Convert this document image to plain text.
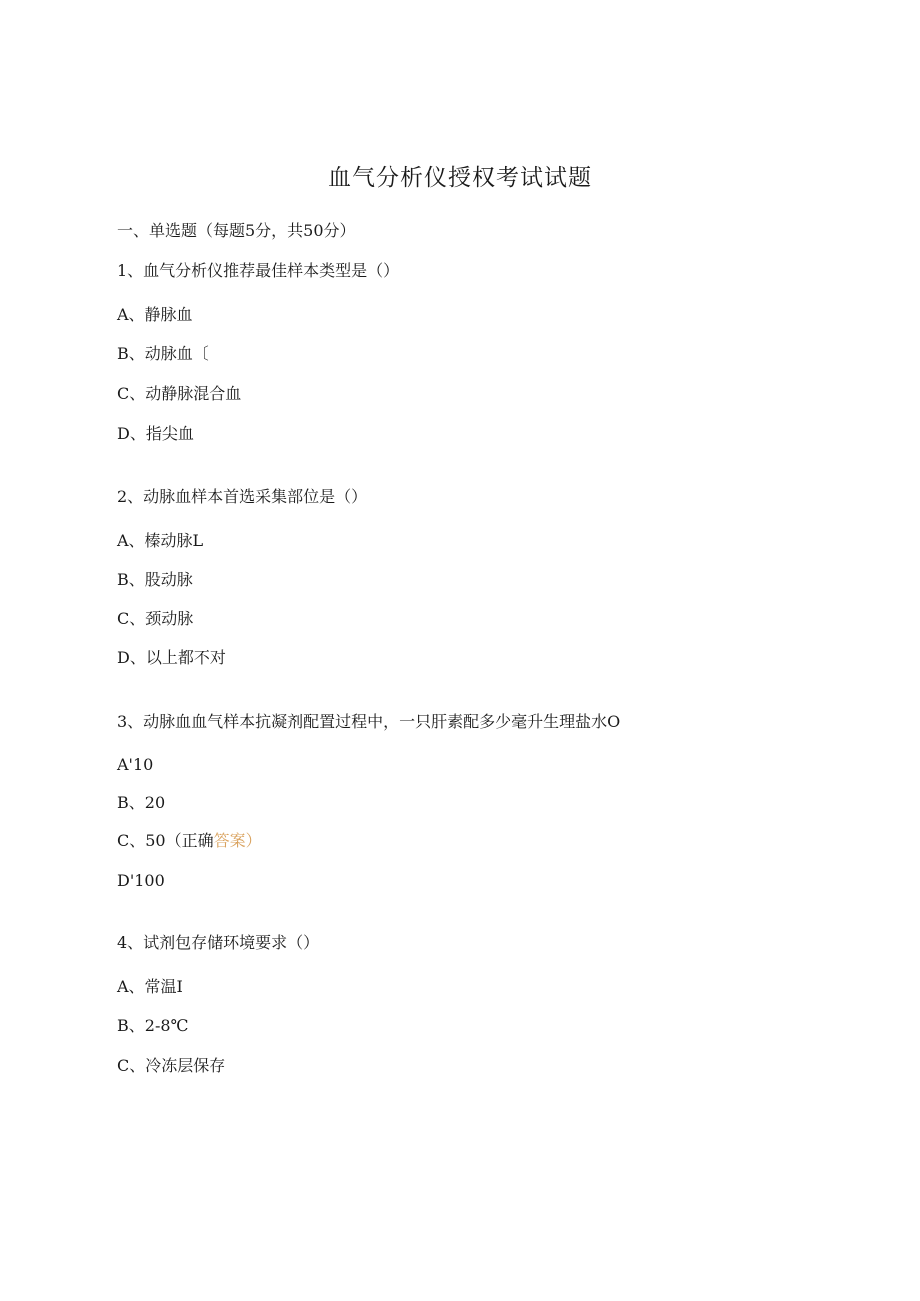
血气分析仪授权考试试题

一、单选题（每题5分，共50分）

1、血气分析仪推荐最佳样本类型是（）

A、静脉血

B、动脉血〔

C、动静脉混合血

D、指尖血

2、动脉血样本首选采集部位是（）

A、榛动脉L

B、股动脉

C、颈动脉

D、以上都不对

3、动脉血血气样本抗凝剂配置过程中，一只肝素配多少毫升生理盐水O

A'10

B、20

C、50（正确答案）

D'100

4、试剂包存储环境要求（）

A、常温I

B、2-8℃

C、冷冻层保存
